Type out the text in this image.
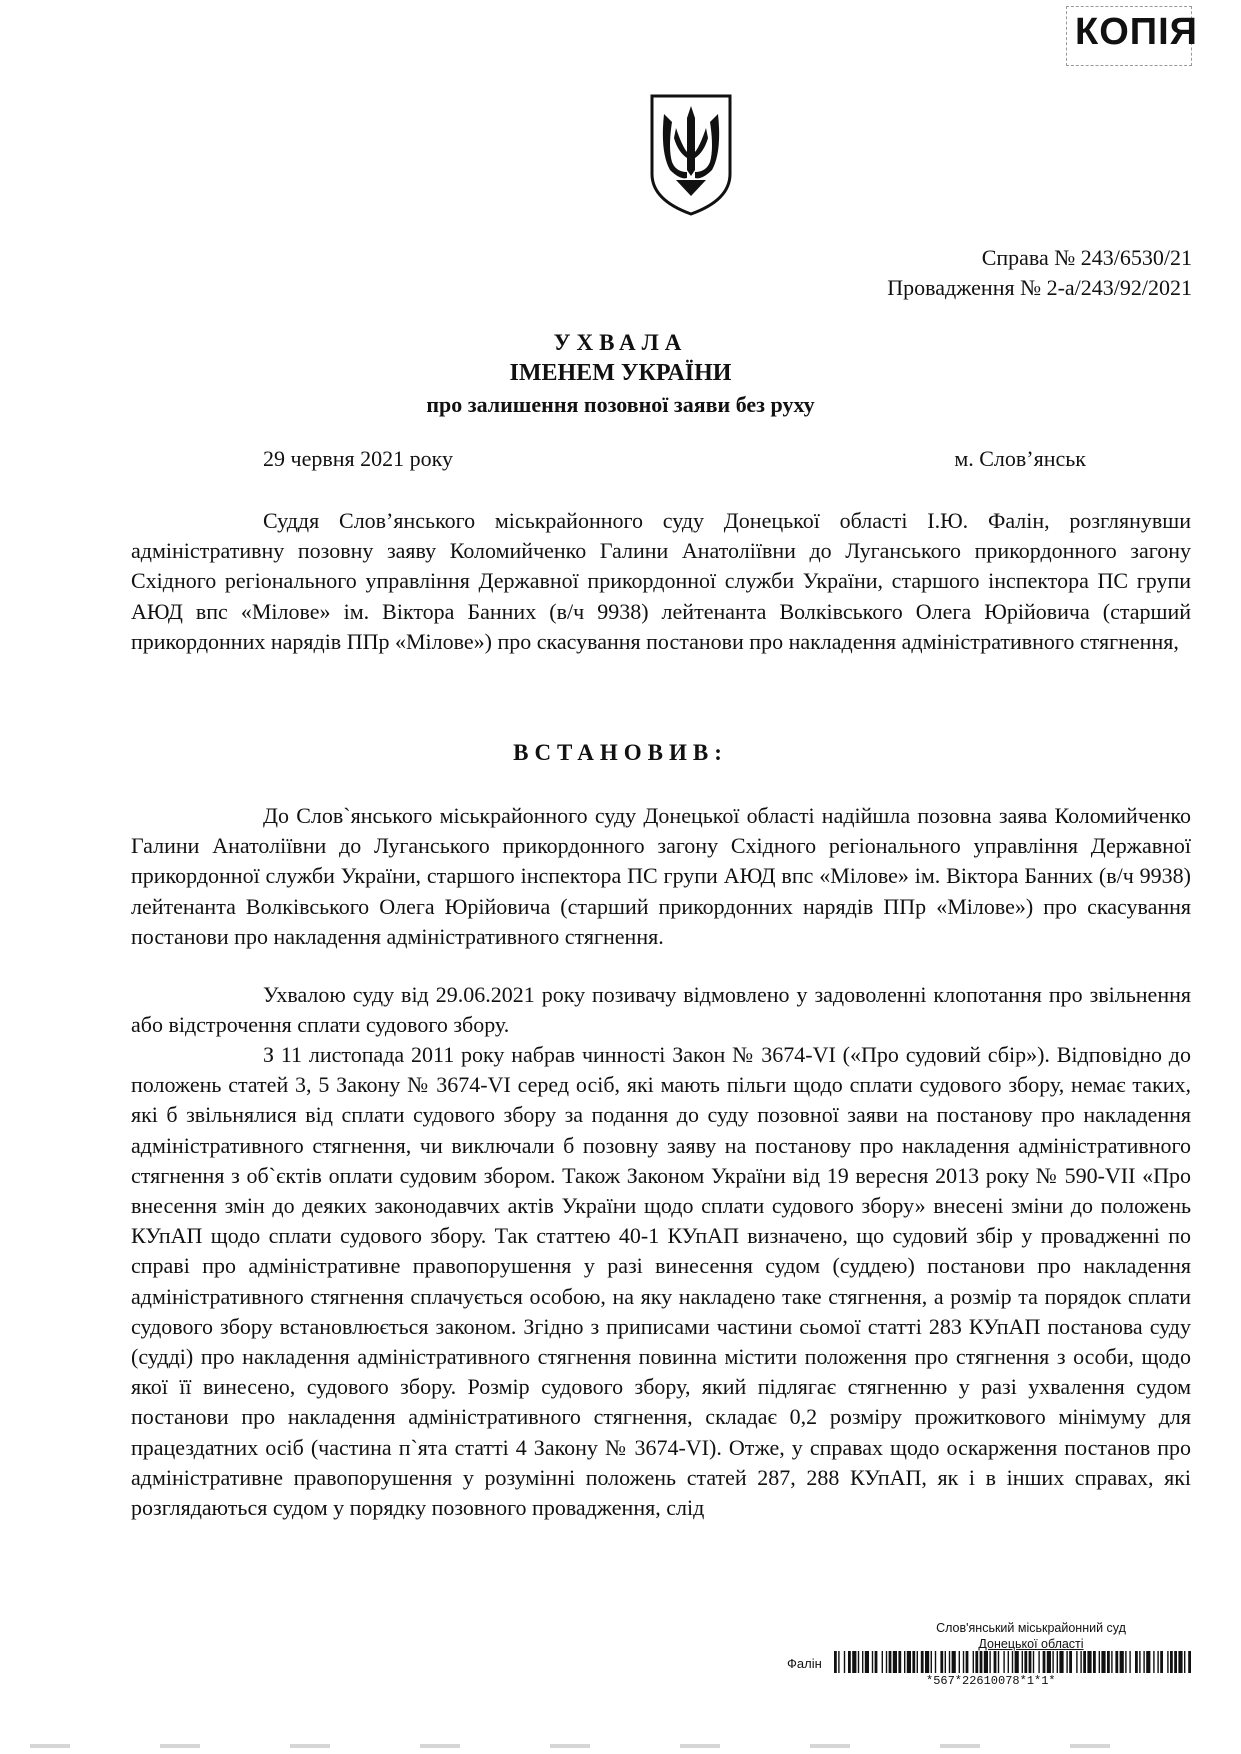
КОПІЯ
Справа № 243/6530/21
Провадження № 2-а/243/92/2021
УХВАЛА
ІМЕНЕМ УКРАЇНИ
про залишення позовної заяви без руху
29 червня 2021 року	м. Слов’янськ

Суддя Слов’янського міськрайонного суду Донецької області І.Ю. Фалін, розглянувши адміністративну позовну заяву Коломийченко Галини Анатоліївни до Луганського прикордонного загону Східного регіонального управління Державної прикордонної служби України, старшого інспектора ПС групи АЮД впс «Мілове» ім. Віктора Банних (в/ч 9938) лейтенанта Волківського Олега Юрійовича (старший прикордонних нарядів ППр «Мілове») про скасування постанови про накладення адміністративного стягнення,

ВСТАНОВИВ:

До Слов`янського міськрайонного суду Донецької області надійшла позовна заява Коломийченко Галини Анатоліївни до Луганського прикордонного загону Східного регіонального управління Державної прикордонної служби України, старшого інспектора ПС групи АЮД впс «Мілове» ім. Віктора Банних (в/ч 9938) лейтенанта Волківського Олега Юрійовича (старший прикордонних нарядів ППр «Мілове») про скасування постанови про накладення адміністративного стягнення.

Ухвалою суду від 29.06.2021 року позивачу відмовлено у задоволенні клопотання про звільнення або відстрочення сплати судового збору.

З 11 листопада 2011 року набрав чинності Закон № 3674-VI («Про судовий сбір»). Відповідно до положень статей 3, 5 Закону № 3674-VI серед осіб, які мають пільги щодо сплати судового збору, немає таких, які б звільнялися від сплати судового збору за подання до суду позовної заяви на постанову про накладення адміністративного стягнення, чи виключали б позовну заяву на постанову про накладення адміністративного стягнення з об`єктів оплати судовим збором. Також Законом України від 19 вересня 2013 року № 590-VII «Про внесення змін до деяких законодавчих актів України щодо сплати судового збору» внесені зміни до положень КУпАП щодо сплати судового збору. Так статтею 40-1 КУпАП визначено, що судовий збір у провадженні по справі про адміністративне правопорушення у разі винесення судом (суддею) постанови про накладення адміністративного стягнення сплачується особою, на яку накладено таке стягнення, а розмір та порядок сплати судового збору встановлюється законом. Згідно з приписами частини сьомої статті 283 КУпАП постанова суду (судді) про накладення адміністративного стягнення повинна містити положення про стягнення з особи, щодо якої її винесено, судового збору. Розмір судового збору, який підлягає стягненню у разі ухвалення судом постанови про накладення адміністративного стягнення, складає 0,2 розміру прожиткового мінімуму для працездатних осіб (частина п`ята статті 4 Закону № 3674-VI). Отже, у справах щодо оскарження постанов про адміністративне правопорушення у розумінні положень статей 287, 288 КУпАП, як і в інших справах, які розглядаються судом у порядку позовного провадження, слід

Слов'янський міськрайонний суд
Донецької області
Фалін
*567*22610078*1*1*
